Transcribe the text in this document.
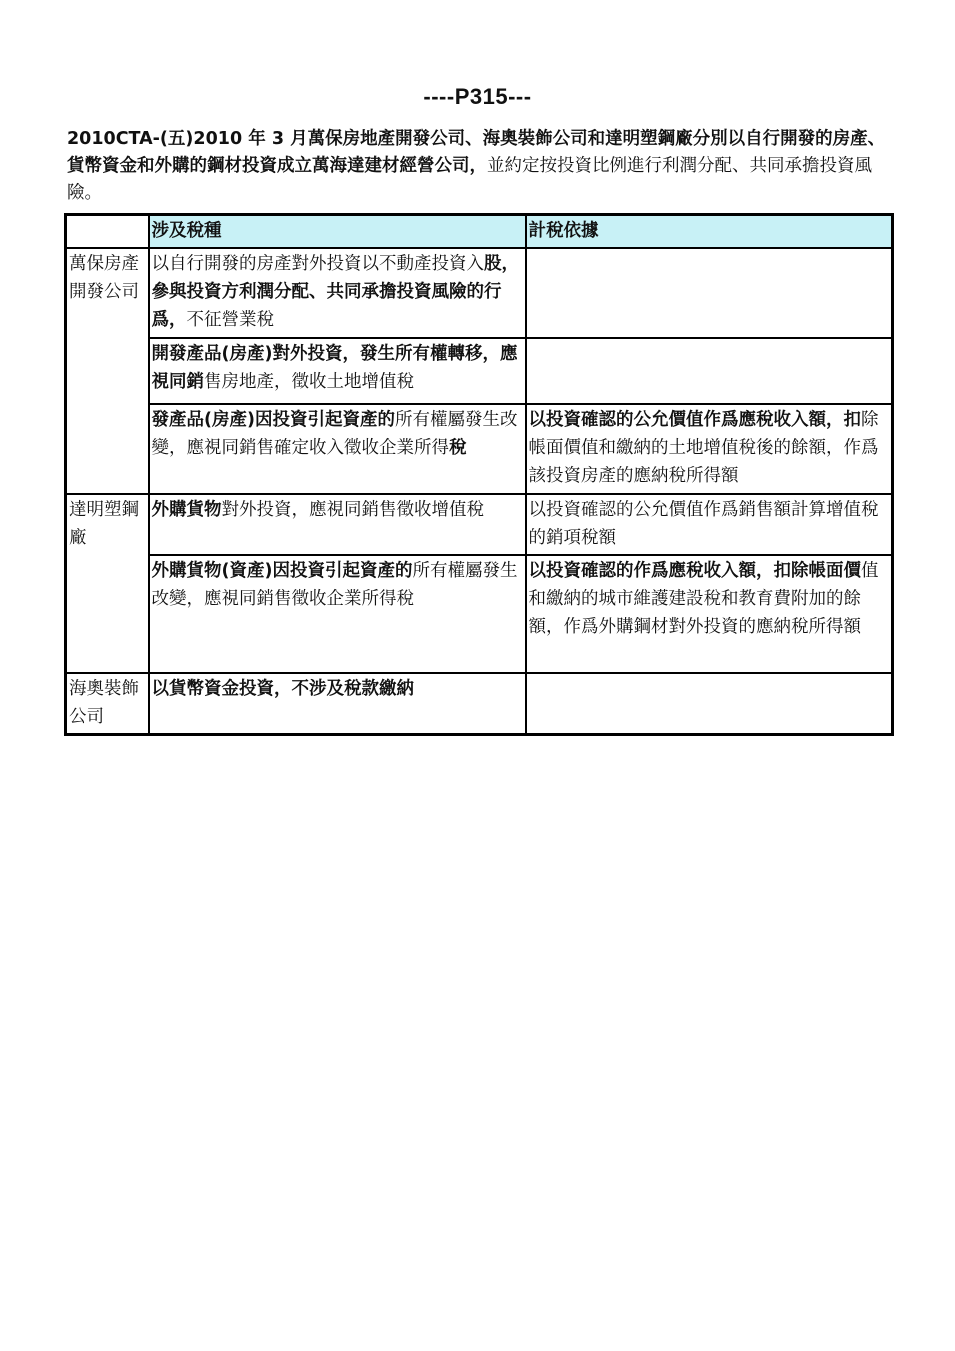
----P315---
2010CTA-(五)2010 年 3 月萬保房地產開發公司、海奧裝飾公司和達明塑鋼廠分別以自行開發的房產、貨幣資金和外購的鋼材投資成立萬海達建材經營公司，並約定按投資比例進行利潤分配、共同承擔投資風險。
	涉及稅種	計稅依據
萬保房產開發公司	以自行開發的房產對外投資以不動產投資入股，參與投資方利潤分配、共同承擔投資風險的行爲，不征營業稅	
	開發產品(房產)對外投資，發生所有權轉移，應視同銷售房地產，徵收土地增值稅	
	發產品(房產)因投資引起資產的所有權屬發生改變，應視同銷售確定收入徵收企業所得稅	以投資確認的公允價值作爲應稅收入額，扣除帳面價值和繳納的土地增值稅後的餘額，作爲該投資房產的應納稅所得額
達明塑鋼廠	外購貨物對外投資，應視同銷售徵收增值稅	以投資確認的公允價值作爲銷售額計算增值稅的銷項稅額
	外購貨物(資產)因投資引起資產的所有權屬發生改變，應視同銷售徵收企業所得稅	以投資確認的作爲應稅收入額，扣除帳面價值和繳納的城市維護建設稅和教育費附加的餘額，作爲外購鋼材對外投資的應納稅所得額
海奧裝飾公司	以貨幣資金投資，不涉及稅款繳納	
